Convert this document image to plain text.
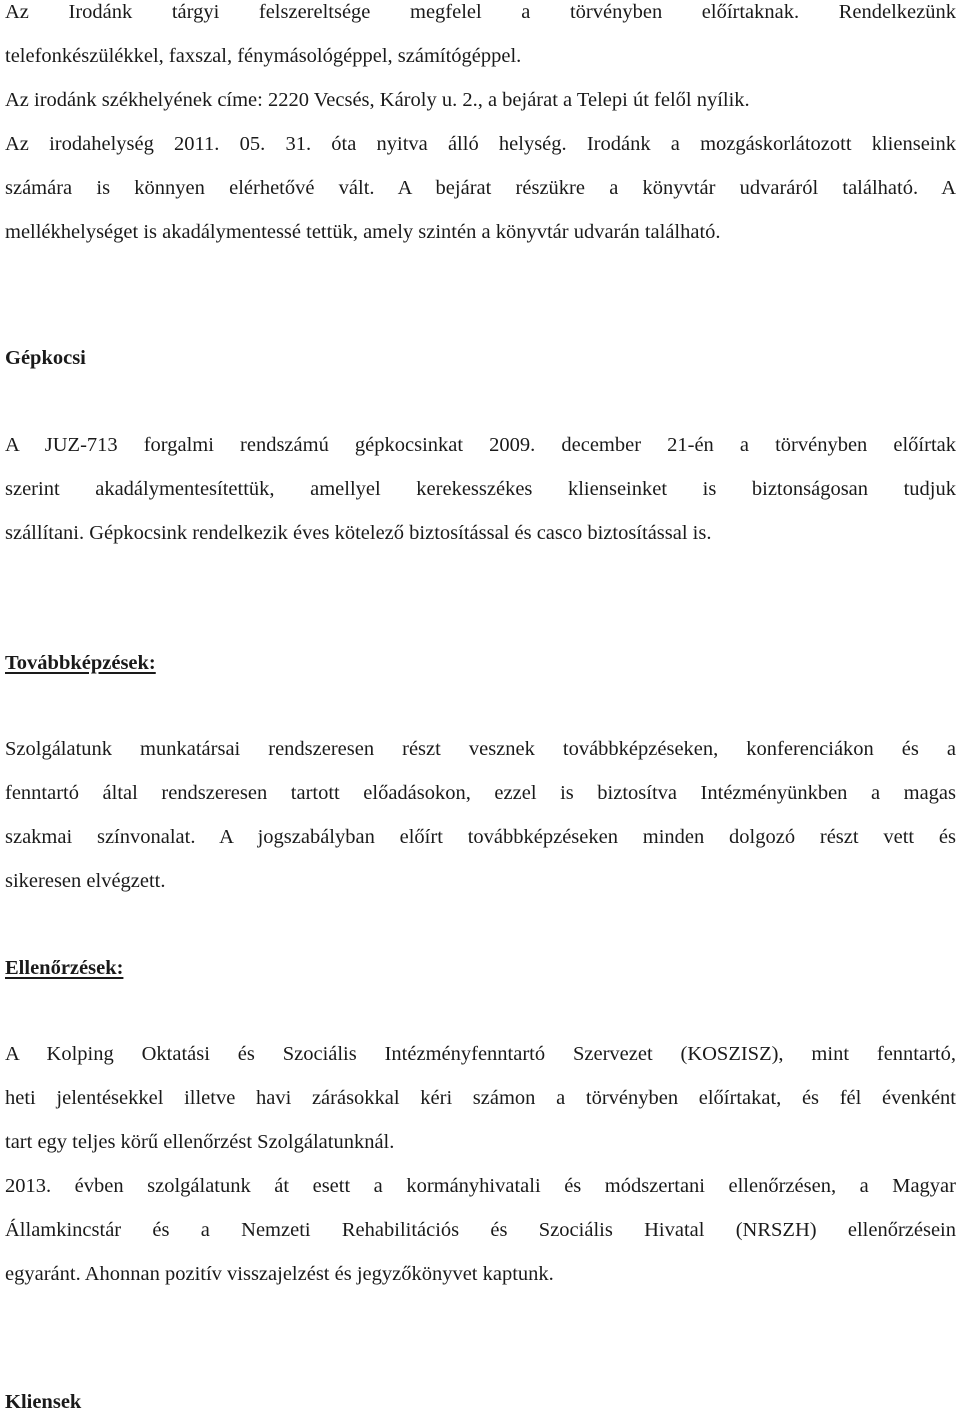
Az Irodánk tárgyi felszereltsége megfelel a törvényben előírtaknak. Rendelkezünk
telefonkészülékkel, faxszal, fénymásológéppel, számítógéppel.
Az irodánk székhelyének címe: 2220 Vecsés, Károly u. 2., a bejárat a Telepi út felől nyílik.
Az irodahelység 2011. 05. 31. óta nyitva álló helység. Irodánk a mozgáskorlátozott klienseink
számára is könnyen elérhetővé vált. A bejárat részükre a könyvtár udvaráról található. A
mellékhelységet is akadálymentessé tettük, amely szintén a könyvtár udvarán található.
Gépkocsi
A JUZ-713 forgalmi rendszámú gépkocsinkat 2009. december 21-én a törvényben előírtak
szerint akadálymentesítettük, amellyel kerekesszékes klienseinket is biztonságosan tudjuk
szállítani. Gépkocsink rendelkezik éves kötelező biztosítással és casco biztosítással is.
Továbbképzések:
Szolgálatunk munkatársai rendszeresen részt vesznek továbbképzéseken, konferenciákon és a
fenntartó által rendszeresen tartott előadásokon, ezzel is biztosítva Intézményünkben a magas
szakmai színvonalat. A jogszabályban előírt továbbképzéseken minden dolgozó részt vett és
sikeresen elvégzett.
Ellenőrzések:
A Kolping Oktatási és Szociális Intézményfenntartó Szervezet (KOSZISZ), mint fenntartó,
heti jelentésekkel illetve havi zárásokkal kéri számon a törvényben előírtakat, és fél évenként
tart egy teljes körű ellenőrzést Szolgálatunknál.
2013. évben szolgálatunk át esett a kormányhivatali és módszertani ellenőrzésen, a Magyar
Államkincstár és a Nemzeti Rehabilitációs és Szociális Hivatal (NRSZH) ellenőrzésein
egyaránt. Ahonnan pozitív visszajelzést és jegyzőkönyvet kaptunk.
Kliensek
